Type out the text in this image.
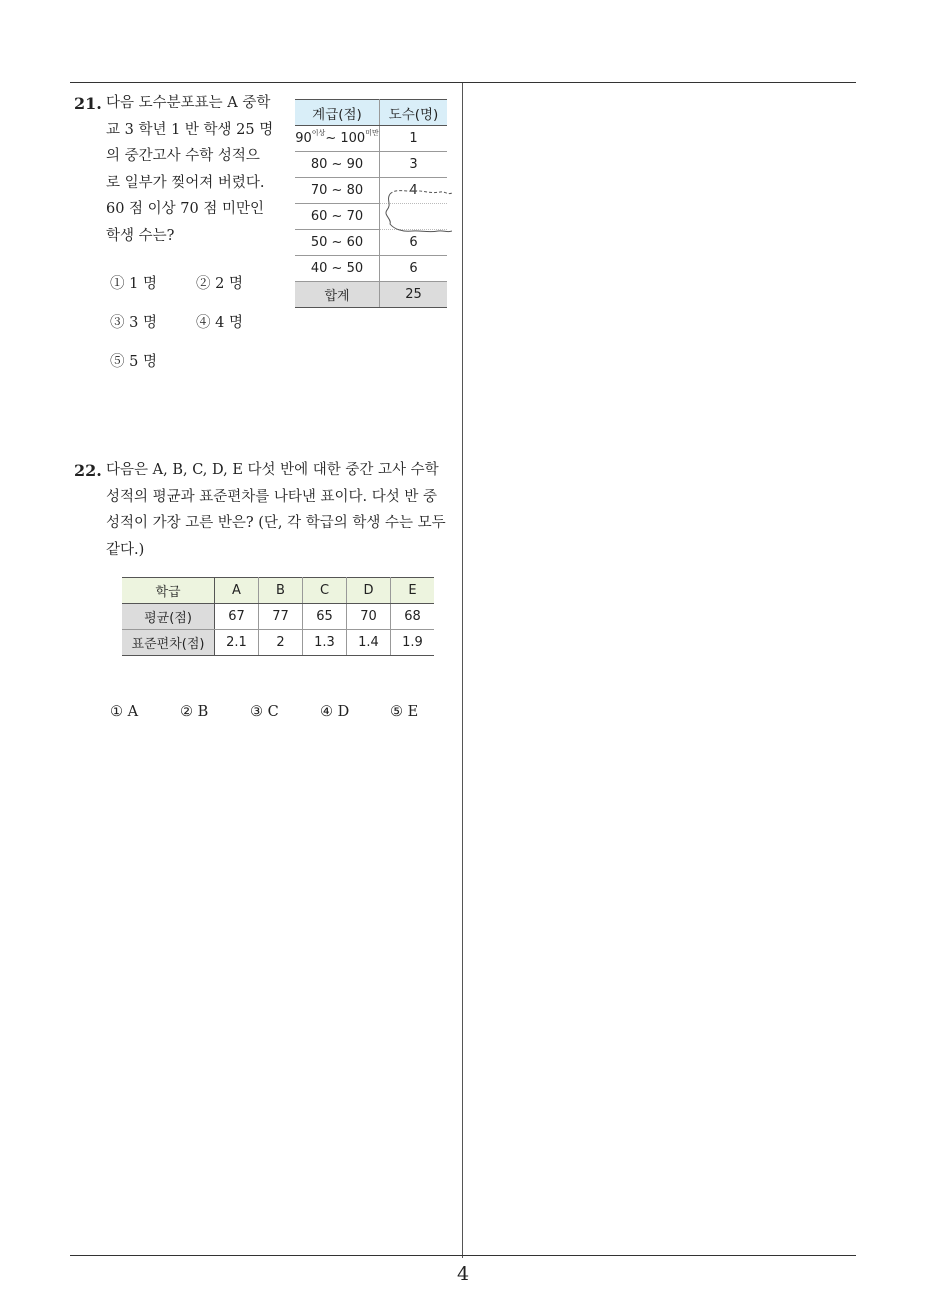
21. 다음 도수분포표는 A 중학
교 3 학년 1 반 학생 25 명
의 중간고사 수학 성적으
로 일부가 찢어져 버렸다.
60 점 이상 70 점 미만인
학생 수는?
① 1 명	② 2 명
③ 3 명	④ 4 명
⑤ 5 명
계급(점)	도수(명)
$90^{이상}\sim$ $100^{미만}$	1
80 ~ 90	3
70 ~ 80	4
60 ~ 70	
50 ~ 60	6
40 ~ 50	6
합계	25
22. 다음은 A, B, C, D, E 다섯 반에 대한 중간 고사 수학
성적의 평균과 표준편차를 나타낸 표이다. 다섯 반 중
성적이 가장 고른 반은? (단, 각 학급의 학생 수는 모두
같다.)
학급	A	B	C	D	E
평균(점)	67	77	65	70	68
표준편차(점)	2.1	2	1.3	1.4	1.9
① A	② B	③ C	④ D	⑤ E
4
